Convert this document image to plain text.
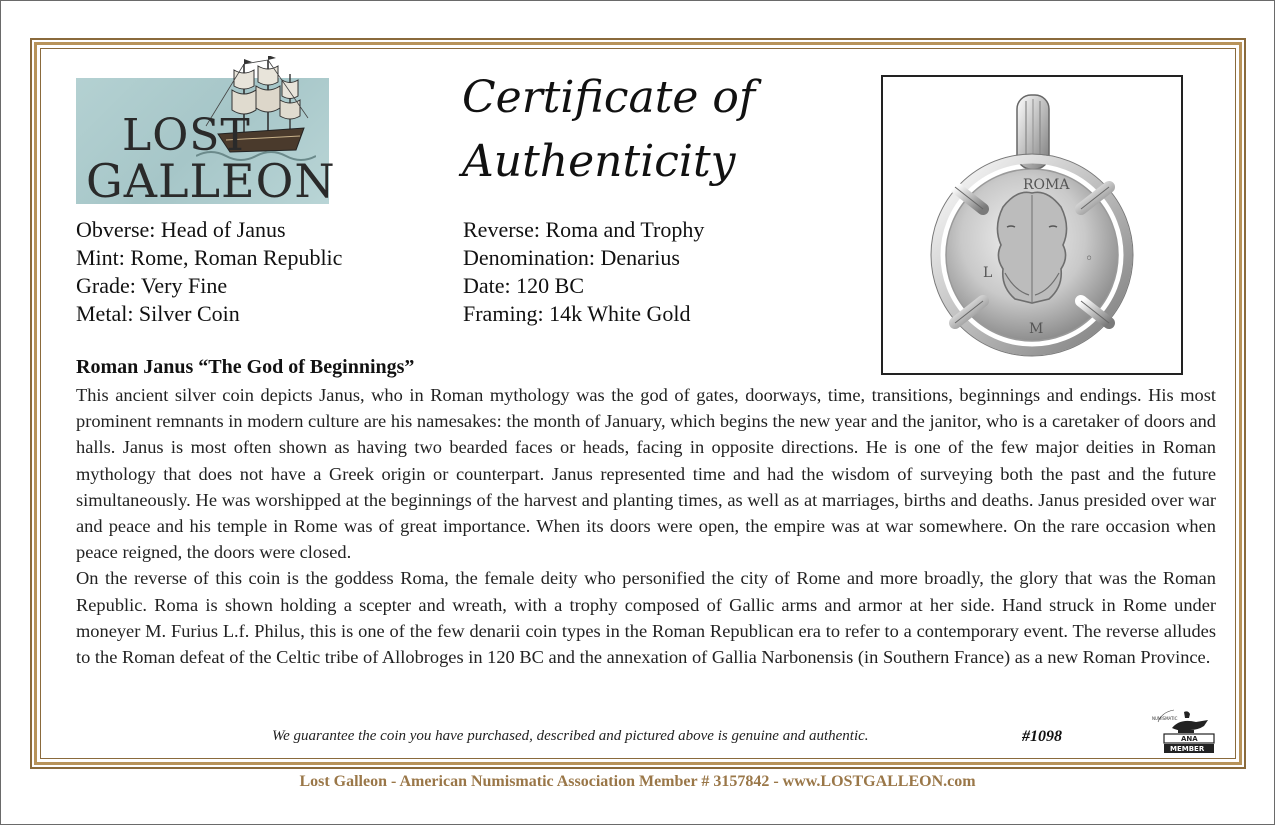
LOST
GALLEON
Certificate of Authenticity
Obverse: Head of Janus
Mint: Rome, Roman Republic
Grade: Very Fine
Metal: Silver Coin
Reverse: Roma and Trophy
Denomination: Denarius
Date: 120 BC
Framing: 14k White Gold
ROMA
◦
L
M
Roman Janus “The God of Beginnings”

This ancient silver coin depicts Janus, who in Roman mythology was the god of gates, doorways, time, transitions, beginnings and endings. His most prominent remnants in modern culture are his namesakes: the month of January, which begins the new year and the janitor, who is a caretaker of doors and halls. Janus is most often shown as having two bearded faces or heads, facing in opposite directions. He is one of the few major deities in Roman mythology that does not have a Greek origin or counterpart. Janus represented time and had the wisdom of surveying both the past and the future simultaneously. He was worshipped at the beginnings of the harvest and planting times, as well as at marriages, births and deaths. Janus presided over war and peace and his temple in Rome was of great importance. When its doors were open, the empire was at war somewhere. On the rare occasion when peace reigned, the doors were closed.

On the reverse of this coin is the goddess Roma, the female deity who personified the city of Rome and more broadly, the glory that was the Roman Republic. Roma is shown holding a scepter and wreath, with a trophy composed of Gallic arms and armor at her side. Hand struck in Rome under moneyer M. Furius L.f. Philus, this is one of the few denarii coin types in the Roman Republican era to refer to a contemporary event. The reverse alludes to the Roman defeat of the Celtic tribe of Allobroges in 120 BC and the annexation of Gallia Narbonensis (in Southern France) as a new Roman Province.

We guarantee the coin you have purchased, described and pictured above is genuine and authentic.	#1098
NUMISMATIC
ANA
MEMBER
Lost Galleon - American Numismatic Association Member # 3157842 - www.LOSTGALLEON.com
